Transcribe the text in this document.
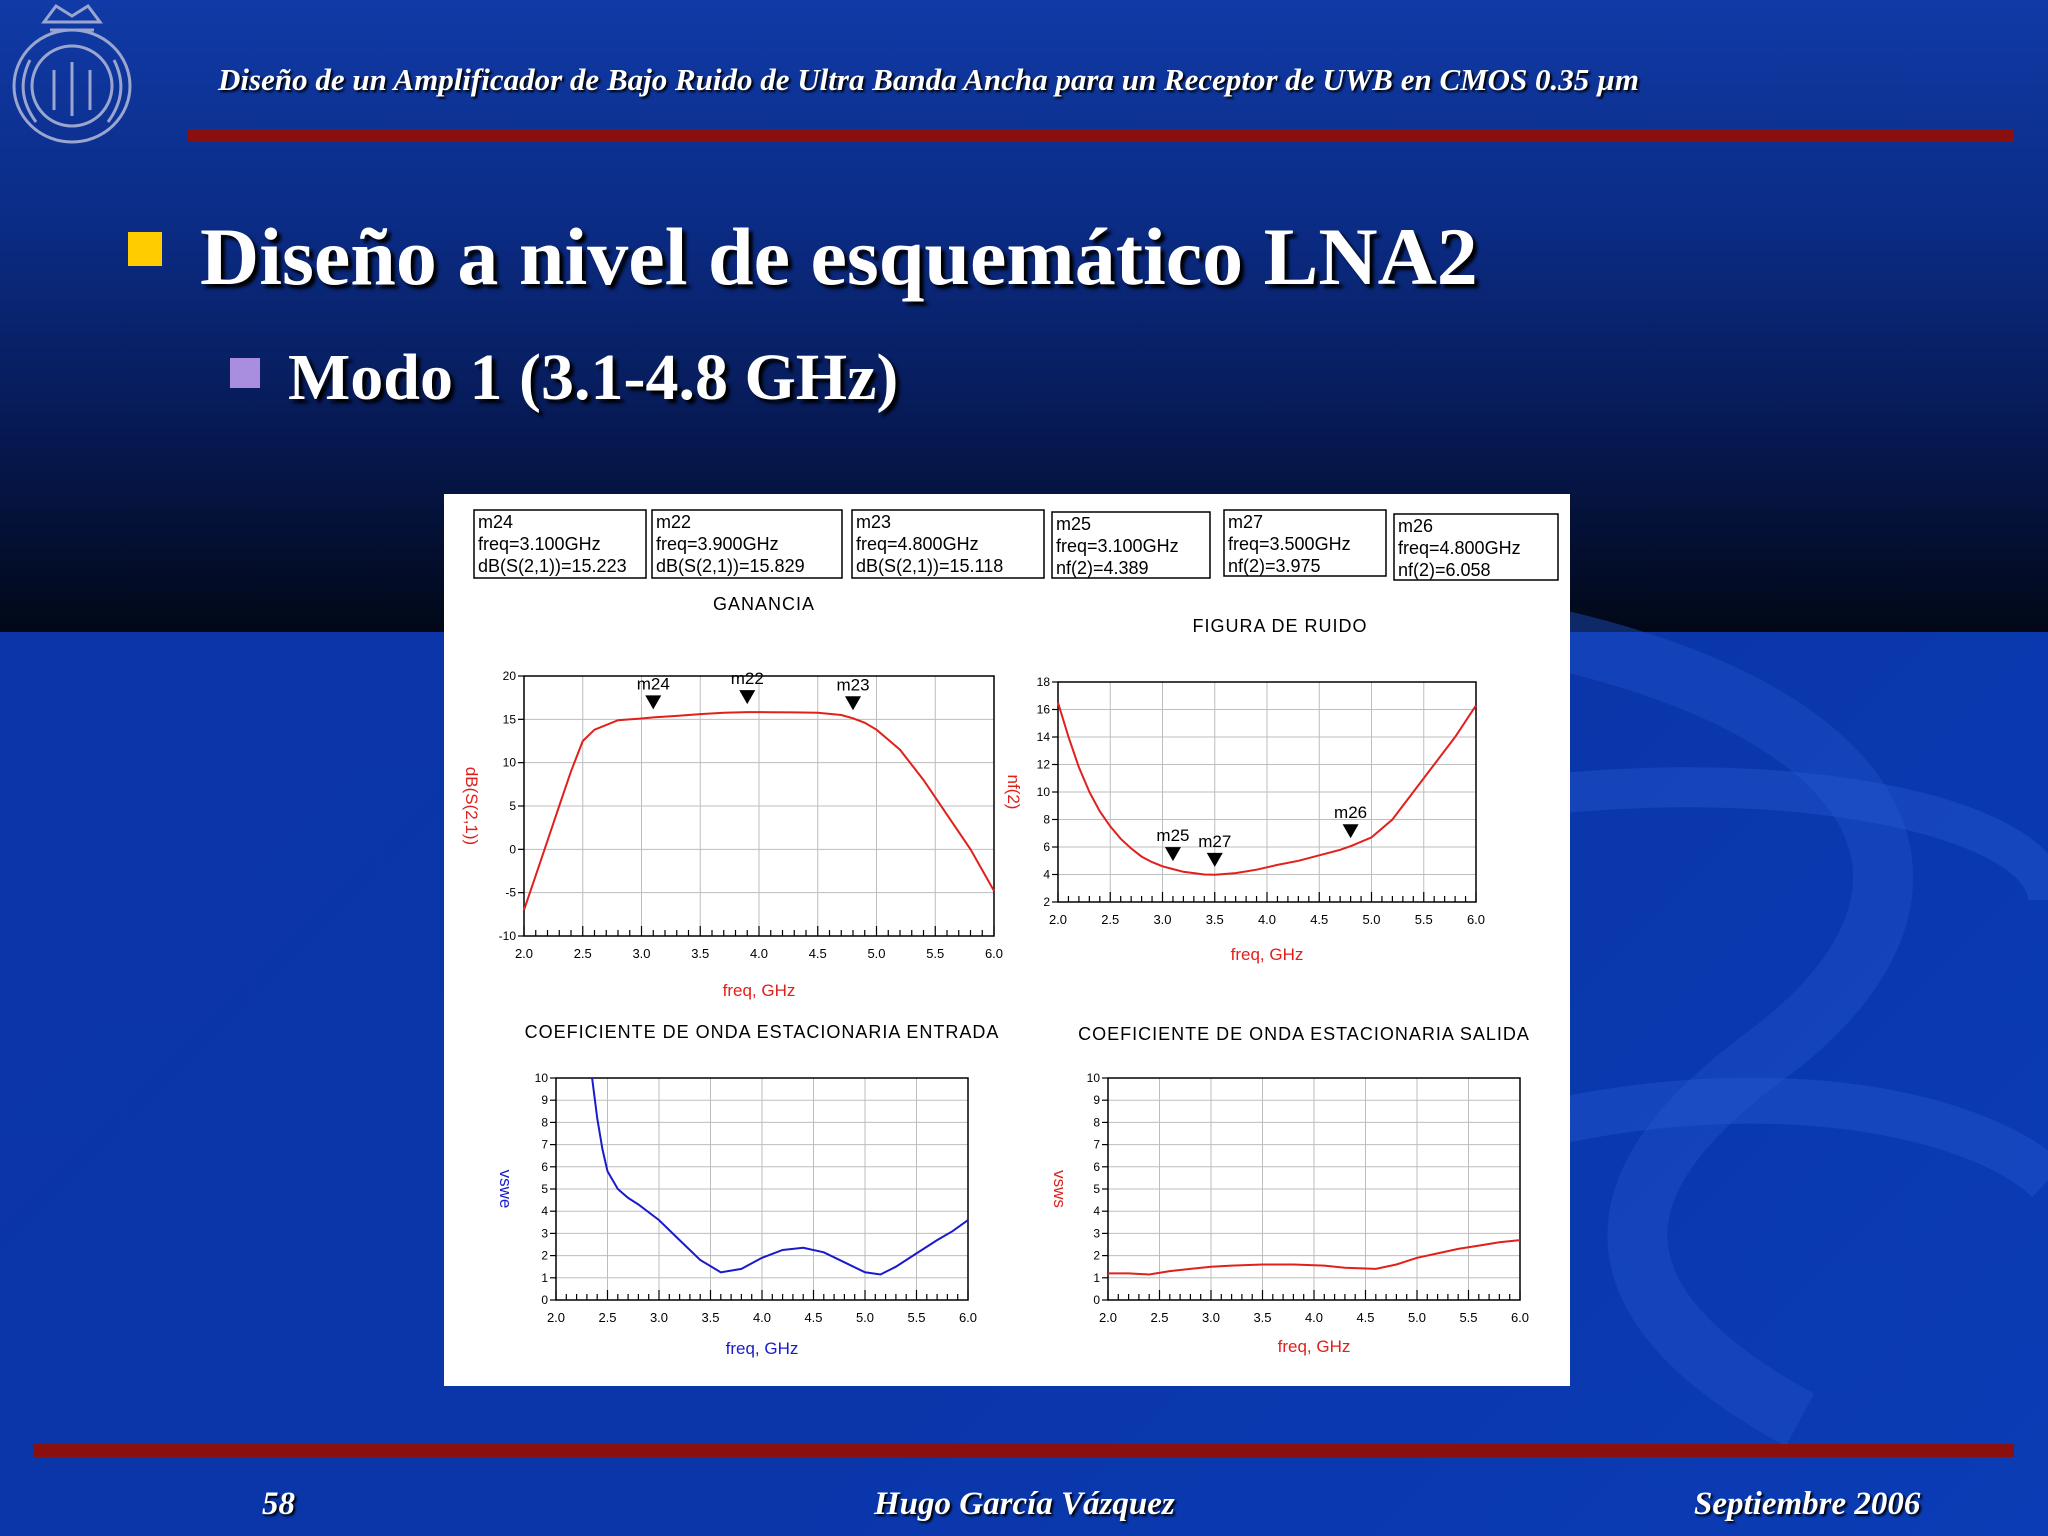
Diseño de un Amplificador de Bajo Ruido de Ultra Banda Ancha para un Receptor de UWB en CMOS 0.35 µm
Diseño a nivel de esquemático LNA2
Modo 1 (3.1-4.8 GHz)
m24
freq=3.100GHz
dB(S(2,1))=15.223
m22
freq=3.900GHz
dB(S(2,1))=15.829
m23
freq=4.800GHz
dB(S(2,1))=15.118
m25
freq=3.100GHz
nf(2)=4.389
m27
freq=3.500GHz
nf(2)=3.975
m26
freq=4.800GHz
nf(2)=6.058
GANANCIA
2.0	2.5	3.0	3.5	4.0	4.5	5.0	5.5	6.0
-10
-5
0
5
10
15
20
freq, GHz
dB(S(2,1))
m24	m22	m23
FIGURA DE RUIDO
2.0	2.5	3.0	3.5	4.0	4.5	5.0	5.5	6.0
2
4
6
8
10
12
14
16
18
freq, GHz
nf(2)
m25 m27
m26
COEFICIENTE DE ONDA ESTACIONARIA ENTRADA
2.0	2.5	3.0	3.5	4.0	4.5	5.0	5.5	6.0
0
1
2
3
4
5
6
7
8
9
10
freq, GHz
vswe
COEFICIENTE DE ONDA ESTACIONARIA SALIDA
2.0	2.5	3.0	3.5	4.0	4.5	5.0	5.5	6.0
0
1
2
3
4
5
6
7
8
9
10
freq, GHz
vsws
58	Hugo García Vázquez	Septiembre 2006
